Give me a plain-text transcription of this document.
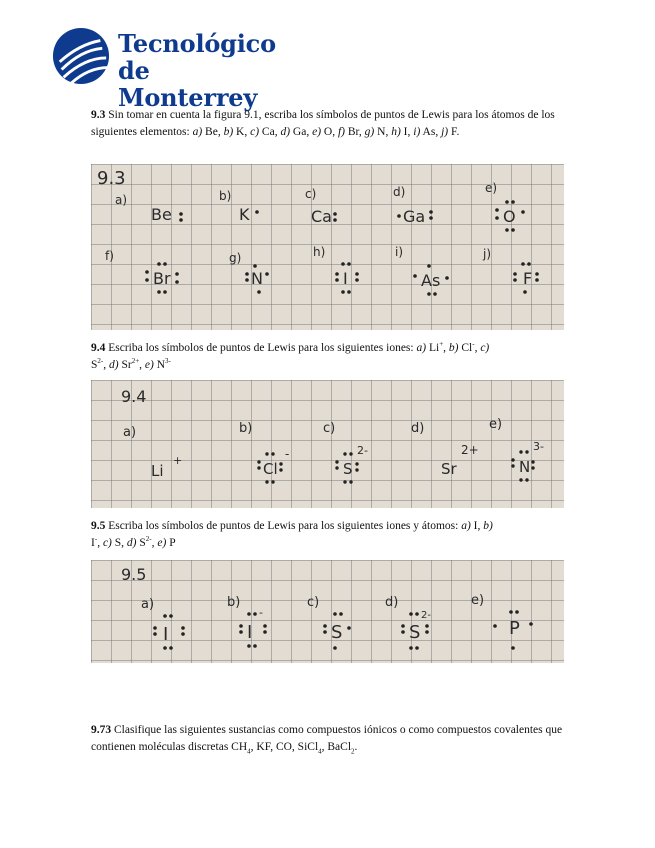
Tecnológico
de Monterrey
9.3 Sin tomar en cuenta la figura 9.1, escriba los símbolos de puntos de Lewis para los átomos de los siguientes elementos: a) Be, b) K, c) Ca, d) Ga, e) O, f) Br, g) N, h) I, i) As, j) F.
9.3
a)
Be
b)
K
c)
Ca
d)
Ga
e)
O
f)
Br
g)
N
h)
I
i)
As
j)
F
9.4 Escriba los símbolos de puntos de Lewis para los siguientes iones: a) Li+, b) Cl-, c)
$S^{2-}$, d) $Sr^{2+}$, e) $N^{3-}$
9.4
a)	b)	c)	d)	e)
Li
+	Cl
-
S
2-
Sr
2+
N
3-
9.5 Escriba los símbolos de puntos de Lewis para los siguientes iones y átomos: a) I, b)
I-, c) S, d) $S^{2-}$, e) P
9.5
a)	b)	c)	d)	e)
I	I
-
S	S
2-
P
9.73 Clasifique las siguientes sustancias como compuestos iónicos o como compuestos covalentes que contienen moléculas discretas $CH_4$, KF, CO, SiCl$_4$, BaCl$_2$.
